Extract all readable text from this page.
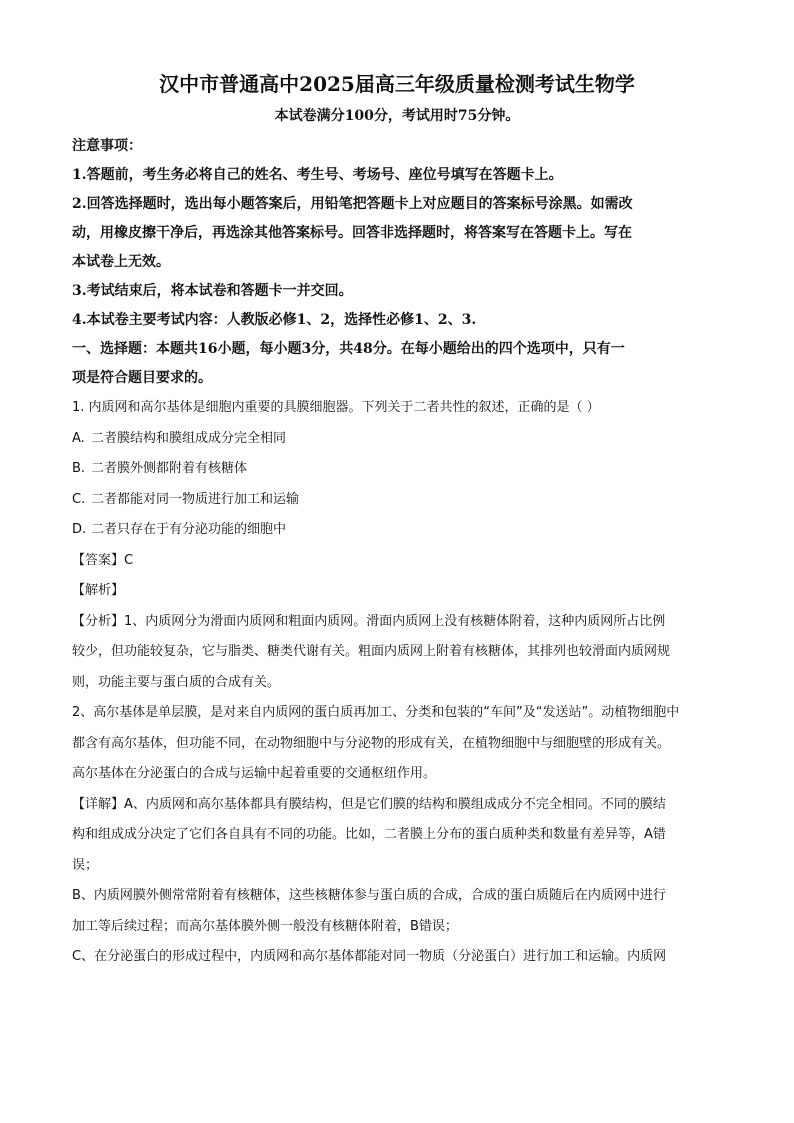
汉中市普通高中2025届高三年级质量检测考试生物学
本试卷满分100分，考试用时75分钟。
注意事项：
1.答题前，考生务必将自己的姓名、考生号、考场号、座位号填写在答题卡上。
2.回答选择题时，选出每小题答案后，用铅笔把答题卡上对应题目的答案标号涂黑。如需改
动，用橡皮擦干净后，再选涂其他答案标号。回答非选择题时，将答案写在答题卡上。写在
本试卷上无效。
3.考试结束后，将本试卷和答题卡一并交回。
4.本试卷主要考试内容：人教版必修1、2，选择性必修1、2、3.
一、选择题：本题共16小题，每小题3分，共48分。在每小题给出的四个选项中，只有一
项是符合题目要求的。
1. 内质网和高尔基体是细胞内重要的具膜细胞器。下列关于二者共性的叙述，正确的是（ ）
A. 二者膜结构和膜组成成分完全相同
B. 二者膜外侧都附着有核糖体
C. 二者都能对同一物质进行加工和运输
D. 二者只存在于有分泌功能的细胞中
【答案】C
【解析】
【分析】1、内质网分为滑面内质网和粗面内质网。滑面内质网上没有核糖体附着，这种内质网所占比例
较少，但功能较复杂，它与脂类、糖类代谢有关。粗面内质网上附着有核糖体，其排列也较滑面内质网规
则，功能主要与蛋白质的合成有关。
2、高尔基体是单层膜，是对来自内质网的蛋白质再加工、分类和包装的“车间”及“发送站”。动植物细胞中
都含有高尔基体，但功能不同，在动物细胞中与分泌物的形成有关，在植物细胞中与细胞壁的形成有关。
高尔基体在分泌蛋白的合成与运输中起着重要的交通枢纽作用。
【详解】A、内质网和高尔基体都具有膜结构，但是它们膜的结构和膜组成成分不完全相同。不同的膜结
构和组成成分决定了它们各自具有不同的功能。比如，二者膜上分布的蛋白质种类和数量有差异等，A错
误；
B、内质网膜外侧常常附着有核糖体，这些核糖体参与蛋白质的合成，合成的蛋白质随后在内质网中进行
加工等后续过程；而高尔基体膜外侧一般没有核糖体附着，B错误；
C、在分泌蛋白的形成过程中，内质网和高尔基体都能对同一物质（分泌蛋白）进行加工和运输。内质网
